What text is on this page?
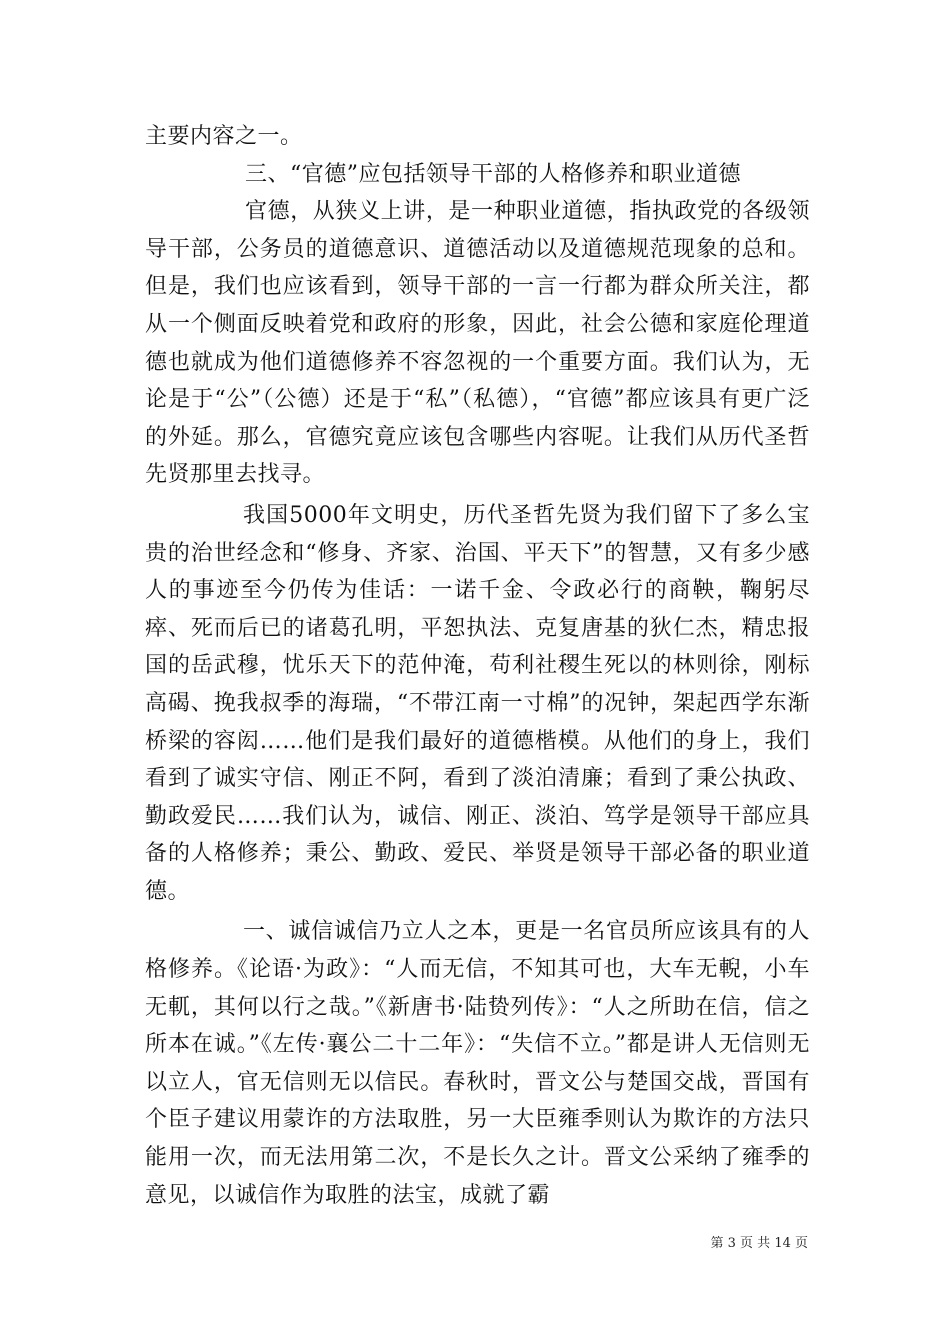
主要内容之一。

三、“官德”应包括领导干部的人格修养和职业道德

官德，从狭义上讲，是一种职业道德，指执政党的各级领导干部，公务员的道德意识、道德活动以及道德规范现象的总和。但是，我们也应该看到，领导干部的一言一行都为群众所关注，都从一个侧面反映着党和政府的形象，因此，社会公德和家庭伦理道德也就成为他们道德修养不容忽视的一个重要方面。我们认为，无论是于“公”（公德）还是于“私”（私德），“官德”都应该具有更广泛的外延。那么，官德究竟应该包含哪些内容呢。让我们从历代圣哲先贤那里去找寻。

我国5000年文明史，历代圣哲先贤为我们留下了多么宝贵的治世经念和“修身、齐家、治国、平天下”的智慧，又有多少感人的事迹至今仍传为佳话：一诺千金、令政必行的商鞅，鞠躬尽瘁、死而后已的诸葛孔明，平恕执法、克复唐基的狄仁杰，精忠报国的岳武穆，忧乐天下的范仲淹，苟利社稷生死以的林则徐，刚标高碣、挽我叔季的海瑞，“不带江南一寸棉”的况钟，架起西学东渐桥梁的容闳……他们是我们最好的道德楷模。从他们的身上，我们看到了诚实守信、刚正不阿，看到了淡泊清廉；看到了秉公执政、勤政爱民……我们认为，诚信、刚正、淡泊、笃学是领导干部应具备的人格修养；秉公、勤政、爱民、举贤是领导干部必备的职业道德。

一、诚信诚信乃立人之本，更是一名官员所应该具有的人格修养。《论语·为政》：“人而无信，不知其可也，大车无輗，小车无軏，其何以行之哉。”《新唐书·陆贽列传》：“人之所助在信，信之所本在诚。”《左传·襄公二十二年》：“失信不立。”都是讲人无信则无以立人，官无信则无以信民。春秋时，晋文公与楚国交战，晋国有个臣子建议用蒙诈的方法取胜，另一大臣雍季则认为欺诈的方法只能用一次，而无法用第二次，不是长久之计。晋文公采纳了雍季的意见，以诚信作为取胜的法宝，成就了霸

第 3 页 共 14 页
